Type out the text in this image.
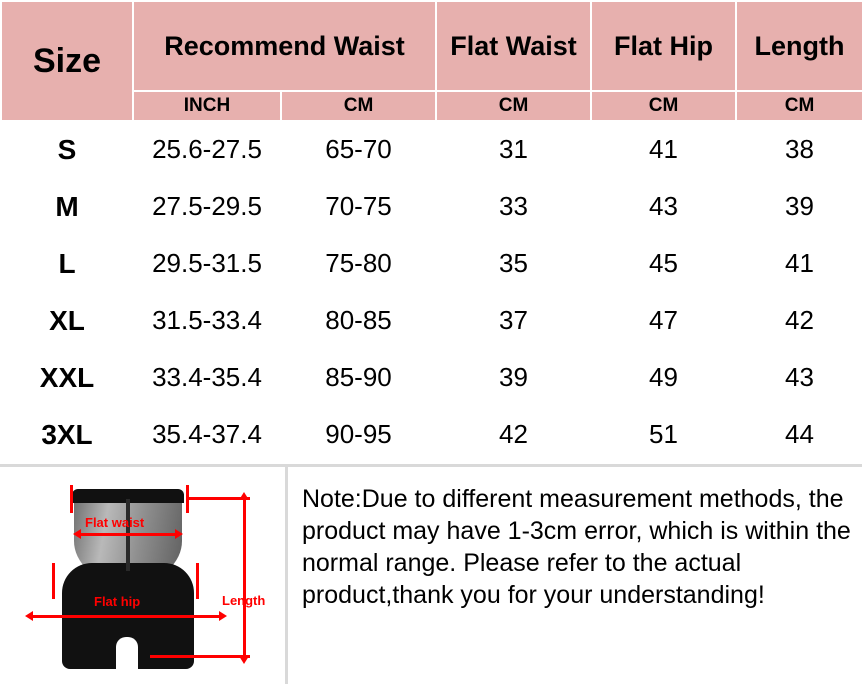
Size	Recommend Waist		Flat Waist	Flat Hip	Length
	INCH	CM	CM	CM	CM
S	25.6-27.5	65-70	31	41	38
M	27.5-29.5	70-75	33	43	39
L	29.5-31.5	75-80	35	45	41
XL	31.5-33.4	80-85	37	47	42
XXL	33.4-35.4	85-90	39	49	43
3XL	35.4-37.4	90-95	42	51	44
Flat waist
Flat hip	Length

Note:Due to different measurement methods, the product may have 1-3cm error, which is within the normal range. Please refer to the actual product,thank you for your understanding!
